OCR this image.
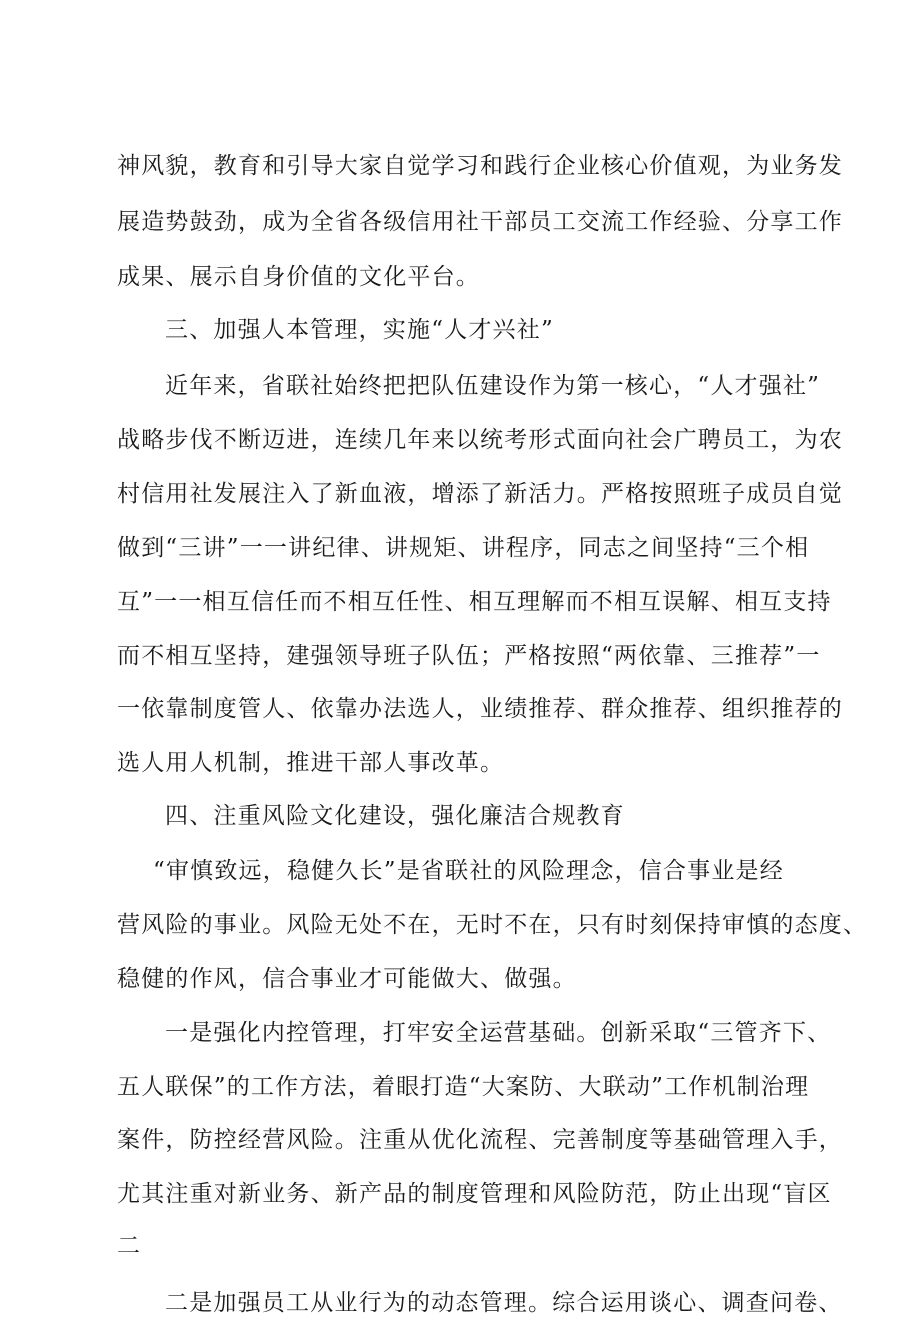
神风貌，教育和引导大家自觉学习和践行企业核心价值观，为业务发
展造势鼓劲，成为全省各级信用社干部员工交流工作经验、分享工作
成果、展示自身价值的文化平台。
三、加强人本管理，实施“人才兴社”
近年来，省联社始终把把队伍建设作为第一核心，“人才强社”
战略步伐不断迈进，连续几年来以统考形式面向社会广聘员工，为农
村信用社发展注入了新血液，增添了新活力。严格按照班子成员自觉
做到“三讲”一一讲纪律、讲规矩、讲程序，同志之间坚持“三个相
互”一一相互信任而不相互任性、相互理解而不相互误解、相互支持
而不相互坚持，建强领导班子队伍；严格按照“两依靠、三推荐”一
一依靠制度管人、依靠办法选人，业绩推荐、群众推荐、组织推荐的
选人用人机制，推进干部人事改革。
四、注重风险文化建设，强化廉洁合规教育
“审慎致远，稳健久长”是省联社的风险理念，信合事业是经
营风险的事业。风险无处不在，无时不在，只有时刻保持审慎的态度、
稳健的作风，信合事业才可能做大、做强。
一是强化内控管理，打牢安全运营基础。创新采取“三管齐下、
五人联保”的工作方法，着眼打造“大案防、大联动”工作机制治理
案件，防控经营风险。注重从优化流程、完善制度等基础管理入手，
尤其注重对新业务、新产品的制度管理和风险防范，防止出现“盲区
二
二是加强员工从业行为的动态管理。综合运用谈心、调查问卷、
